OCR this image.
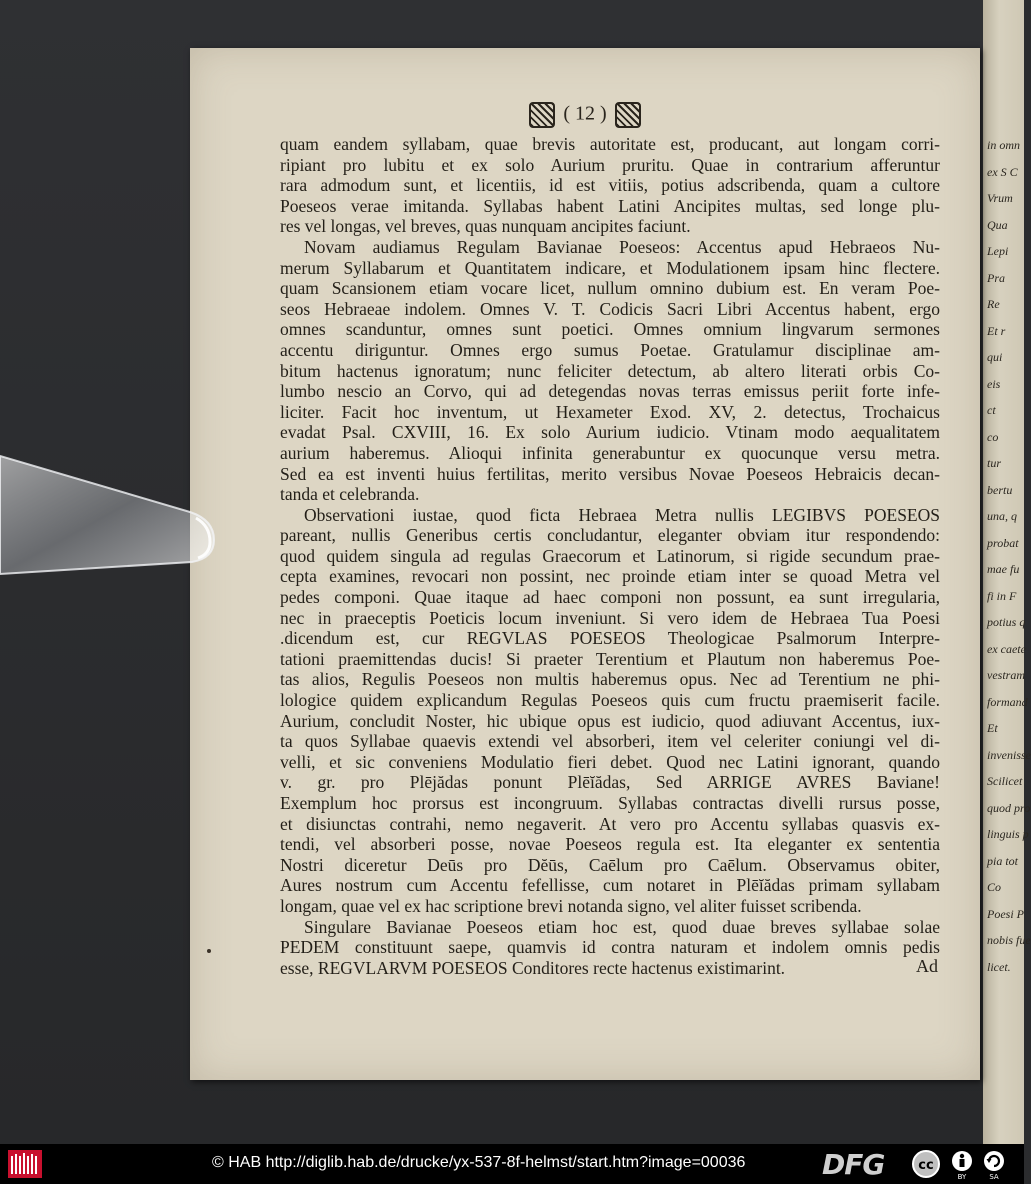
in omn
ex S C
Vrum
Qua
Lepi
Pra
Re
Et r
qui
eis
ct
co
tur
bertu
una, q
probat
mae fu
fi in F
potius q
ex caete
vestram
formand
Et
invenisse
Scilicet
quod pro
linguis p
pia tot
Co
Poesi P
nobis fue
licet.
( 12 )
quam eandem syllabam, quae brevis autoritate est, producant, aut longam corri-
ripiant pro lubitu et ex solo Aurium pruritu. Quae in contrarium afferuntur
rara admodum sunt, et licentiis, id est vitiis, potius adscribenda, quam a cultore
Poeseos verae imitanda. Syllabas habent Latini Ancipites multas, sed longe plu-
res vel longas, vel breves, quas nunquam ancipites faciunt.
Novam audiamus Regulam Bavianae Poeseos: Accentus apud Hebraeos Nu-
merum Syllabarum et Quantitatem indicare, et Modulationem ipsam hinc flectere.
quam Scansionem etiam vocare licet, nullum omnino dubium est. En veram Poe-
seos Hebraeae indolem. Omnes V. T. Codicis Sacri Libri Accentus habent, ergo
omnes scanduntur, omnes sunt poetici. Omnes omnium lingvarum sermones
accentu diriguntur. Omnes ergo sumus Poetae. Gratulamur disciplinae am-
bitum hactenus ignoratum; nunc feliciter detectum, ab altero literati orbis Co-
lumbo nescio an Corvo, qui ad detegendas novas terras emissus periit forte infe-
liciter. Facit hoc inventum, ut Hexameter Exod. XV, 2. detectus, Trochaicus
evadat Psal. CXVIII, 16. Ex solo Aurium iudicio. Vtinam modo aequalitatem
aurium haberemus. Alioqui infinita generabuntur ex quocunque versu metra.
Sed ea est inventi huius fertilitas, merito versibus Novae Poeseos Hebraicis decan-
tanda et celebranda.
Observationi iustae, quod ficta Hebraea Metra nullis LEGIBVS POESEOS
pareant, nullis Generibus certis concludantur, eleganter obviam itur respondendo:
quod quidem singula ad regulas Graecorum et Latinorum, si rigide secundum prae-
cepta examines, revocari non possint, nec proinde etiam inter se quoad Metra vel
pedes componi. Quae itaque ad haec componi non possunt, ea sunt irregularia,
nec in praeceptis Poeticis locum inveniunt. Si vero idem de Hebraea Tua Poesi
.dicendum est, cur REGVLAS POESEOS Theologicae Psalmorum Interpre-
tationi praemittendas ducis! Si praeter Terentium et Plautum non haberemus Poe-
tas alios, Regulis Poeseos non multis haberemus opus. Nec ad Terentium ne phi-
lologice quidem explicandum Regulas Poeseos quis cum fructu praemiserit facile.
Aurium, concludit Noster, hic ubique opus est iudicio, quod adiuvant Accentus, iux-
ta quos Syllabae quaevis extendi vel absorberi, item vel celeriter coniungi vel di-
velli, et sic conveniens Modulatio fieri debet. Quod nec Latini ignorant, quando
v. gr. pro Plējădas ponunt Plēĭădas, Sed ARRIGE AVRES Baviane!
Exemplum hoc prorsus est incongruum. Syllabas contractas divelli rursus posse,
et disiunctas contrahi, nemo negaverit. At vero pro Accentu syllabas quasvis ex-
tendi, vel absorberi posse, novae Poeseos regula est. Ita eleganter ex sententia
Nostri diceretur Deūs pro Dĕūs, Caēlum pro Caēlum. Observamus obiter,
Aures nostrum cum Accentu fefellisse, cum notaret in Plēĭădas primam syllabam
longam, quae vel ex hac scriptione brevi notanda signo, vel aliter fuisset scribenda.
Singulare Bavianae Poeseos etiam hoc est, quod duae breves syllabae solae
PEDEM constituunt saepe, quamvis id contra naturam et indolem omnis pedis
esse, REGVLARVM POESEOS Conditores recte hactenus existimarint.	Ad
© HAB http://diglib.hab.de/drucke/yx-537-8f-helmst/start.htm?image=00036	DFG	cc
BY	SA
